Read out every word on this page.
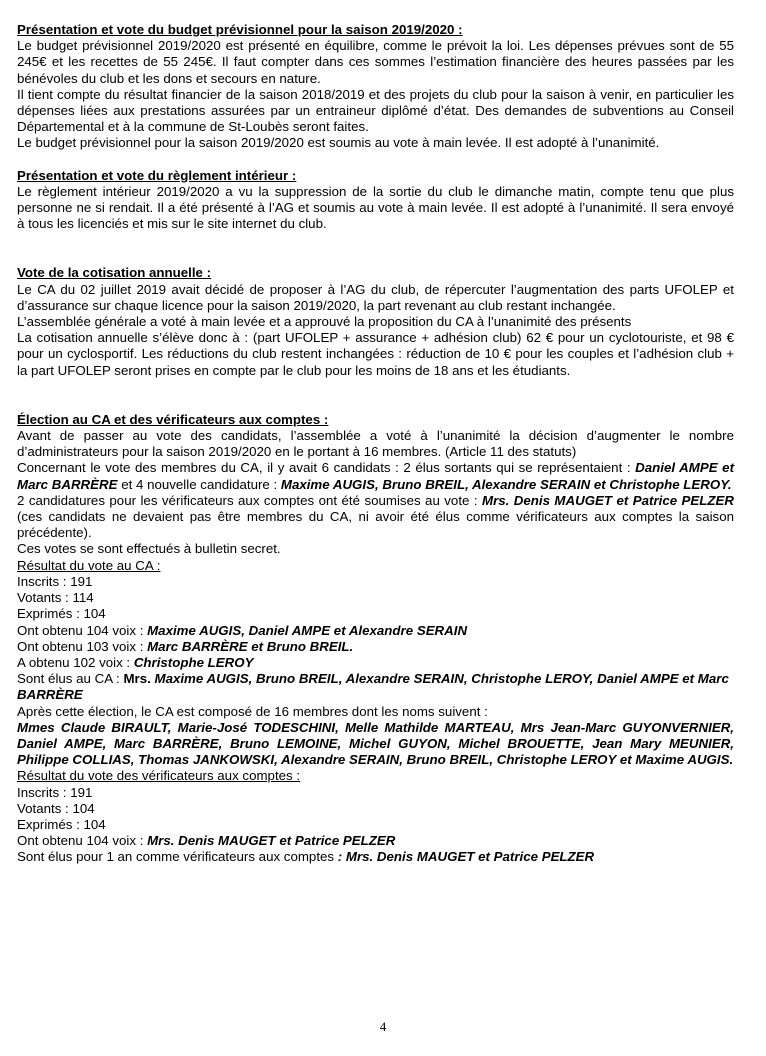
Présentation et vote du budget prévisionnel pour la saison 2019/2020 :

Le budget prévisionnel 2019/2020 est présenté en équilibre, comme le prévoit la loi. Les dépenses prévues sont de 55 245€ et les recettes de 55 245€. Il faut compter dans ces sommes l’estimation financière des heures passées par les bénévoles du club et les dons et secours en nature.

Il tient compte du résultat financier de la saison 2018/2019 et des projets du club pour la saison à venir, en particulier les dépenses liées aux prestations assurées par un entraineur diplômé d’état. Des demandes de subventions au Conseil Départemental et à la commune de St-Loubès seront faites.

Le budget prévisionnel pour la saison 2019/2020 est soumis au vote à main levée. Il est adopté à l’unanimité.

Présentation et vote du règlement intérieur :

Le règlement intérieur 2019/2020 a vu la suppression de la sortie du club le dimanche matin, compte tenu que plus personne ne si rendait. Il a été présenté à l’AG et soumis au vote à main levée. Il est adopté à l’unanimité. Il sera envoyé à tous les licenciés et mis sur le site internet du club.

Vote de la cotisation annuelle :

Le CA du 02 juillet 2019 avait décidé de proposer à l’AG du club, de répercuter l’augmentation des parts UFOLEP et d’assurance sur chaque licence pour la saison 2019/2020, la part revenant au club restant inchangée.

L’assemblée générale a voté à main levée et a approuvé la proposition du CA à l’unanimité des présents

La cotisation annuelle s’élève donc à : (part UFOLEP + assurance + adhésion club) 62 € pour un cyclotouriste, et 98 € pour un cyclosportif. Les réductions du club restent inchangées : réduction de 10 € pour les couples et l’adhésion club + la part UFOLEP seront prises en compte par le club pour les moins de 18 ans et les étudiants.

Élection au CA et des vérificateurs aux comptes :

Avant de passer au vote des candidats, l’assemblée a voté à l’unanimité la décision d’augmenter le nombre d’administrateurs pour la saison 2019/2020 en le portant à 16 membres. (Article 11 des statuts)

Concernant le vote des membres du CA, il y avait 6 candidats : 2 élus sortants qui se représentaient : Daniel AMPE et Marc BARRÈRE et 4 nouvelle candidature : Maxime AUGIS, Bruno BREIL, Alexandre SERAIN et Christophe LEROY.

2 candidatures pour les vérificateurs aux comptes ont été soumises au vote : Mrs. Denis MAUGET et Patrice PELZER (ces candidats ne devaient pas être membres du CA, ni avoir été élus comme vérificateurs aux comptes la saison précédente).

Ces votes se sont effectués à bulletin secret.

Résultat du vote au CA :

Inscrits : 191

Votants : 114

Exprimés : 104

Ont obtenu 104 voix : Maxime AUGIS, Daniel AMPE et Alexandre SERAIN

Ont obtenu 103 voix : Marc BARRÈRE et Bruno BREIL.

A obtenu 102 voix : Christophe LEROY

Sont élus au CA : Mrs. Maxime AUGIS, Bruno BREIL, Alexandre SERAIN, Christophe LEROY, Daniel AMPE et Marc BARRÈRE

Après cette élection, le CA est composé de 16 membres dont les noms suivent :

Mmes Claude BIRAULT, Marie-José TODESCHINI, Melle Mathilde MARTEAU, Mrs Jean-Marc GUYONVERNIER, Daniel AMPE, Marc BARRÈRE, Bruno LEMOINE, Michel GUYON, Michel BROUETTE, Jean Mary MEUNIER, Philippe COLLIAS, Thomas JANKOWSKI, Alexandre SERAIN, Bruno BREIL, Christophe LEROY et Maxime AUGIS.

Résultat du vote des vérificateurs aux comptes :

Inscrits : 191

Votants : 104

Exprimés : 104

Ont obtenu 104 voix : Mrs. Denis MAUGET et Patrice PELZER

Sont élus pour 1 an comme vérificateurs aux comptes : Mrs. Denis MAUGET et Patrice PELZER

4
